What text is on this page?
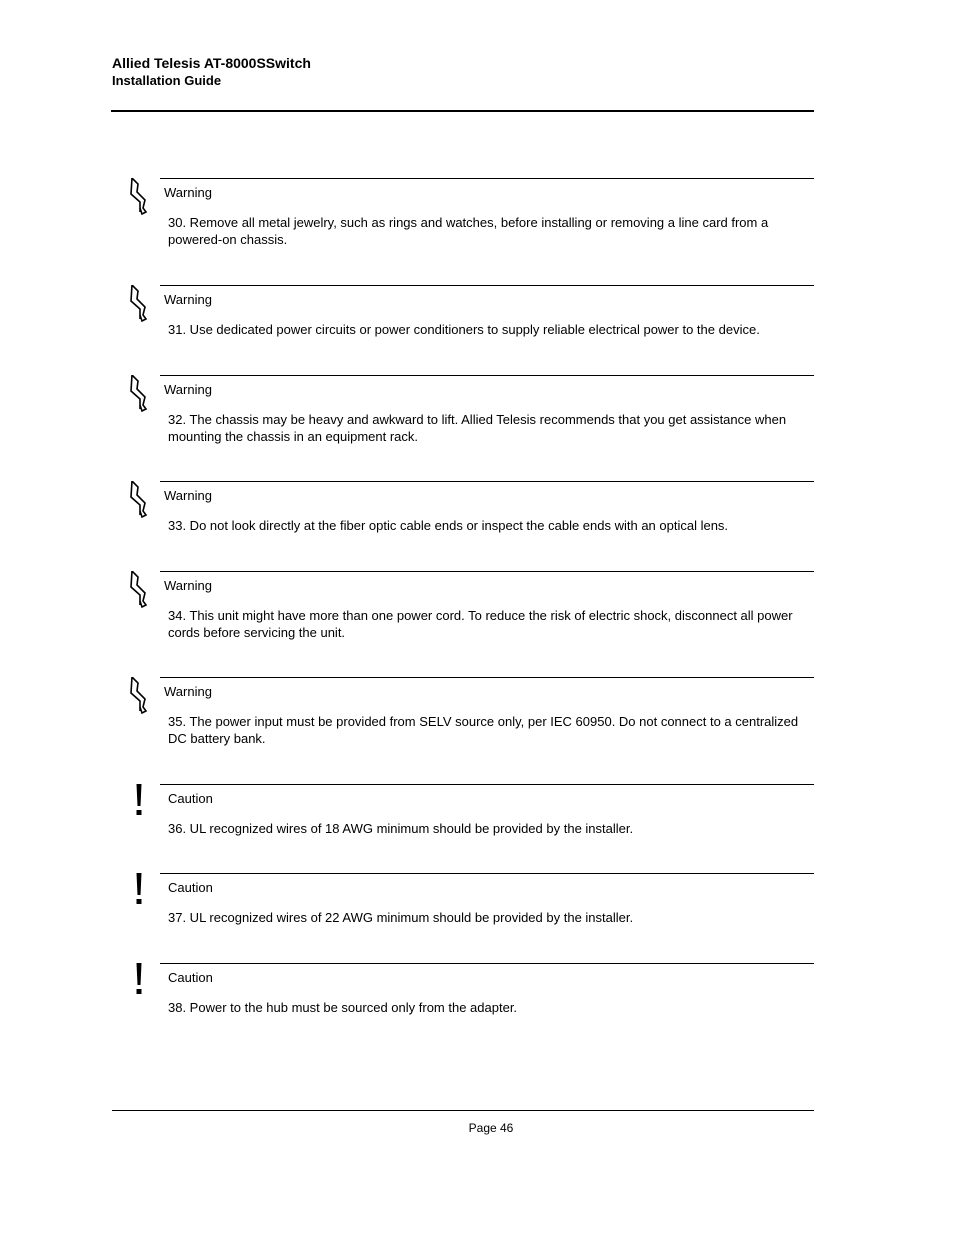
Allied Telesis AT-8000SSwitch
Installation Guide
Warning
30. Remove all metal jewelry, such as rings and watches, before installing or removing a line card from a powered-on chassis.
Warning
31. Use dedicated power circuits or power conditioners to supply reliable electrical power to the device.
Warning
32. The chassis may be heavy and awkward to lift. Allied Telesis recommends that you get assistance when mounting the chassis in an equipment rack.
Warning
33. Do not look directly at the fiber optic cable ends or inspect the cable ends with an optical lens.
Warning
34. This unit might have more than one power cord. To reduce the risk of electric shock, disconnect all power cords before servicing the unit.
Warning
35. The power input must be provided from SELV source only, per IEC 60950. Do not connect to a centralized DC battery bank.
Caution
36. UL recognized wires of 18 AWG minimum should be provided by the installer.
Caution
37. UL recognized wires of 22 AWG minimum should be provided by the installer.
Caution
38. Power to the hub must be sourced only from the adapter.
Page 46
